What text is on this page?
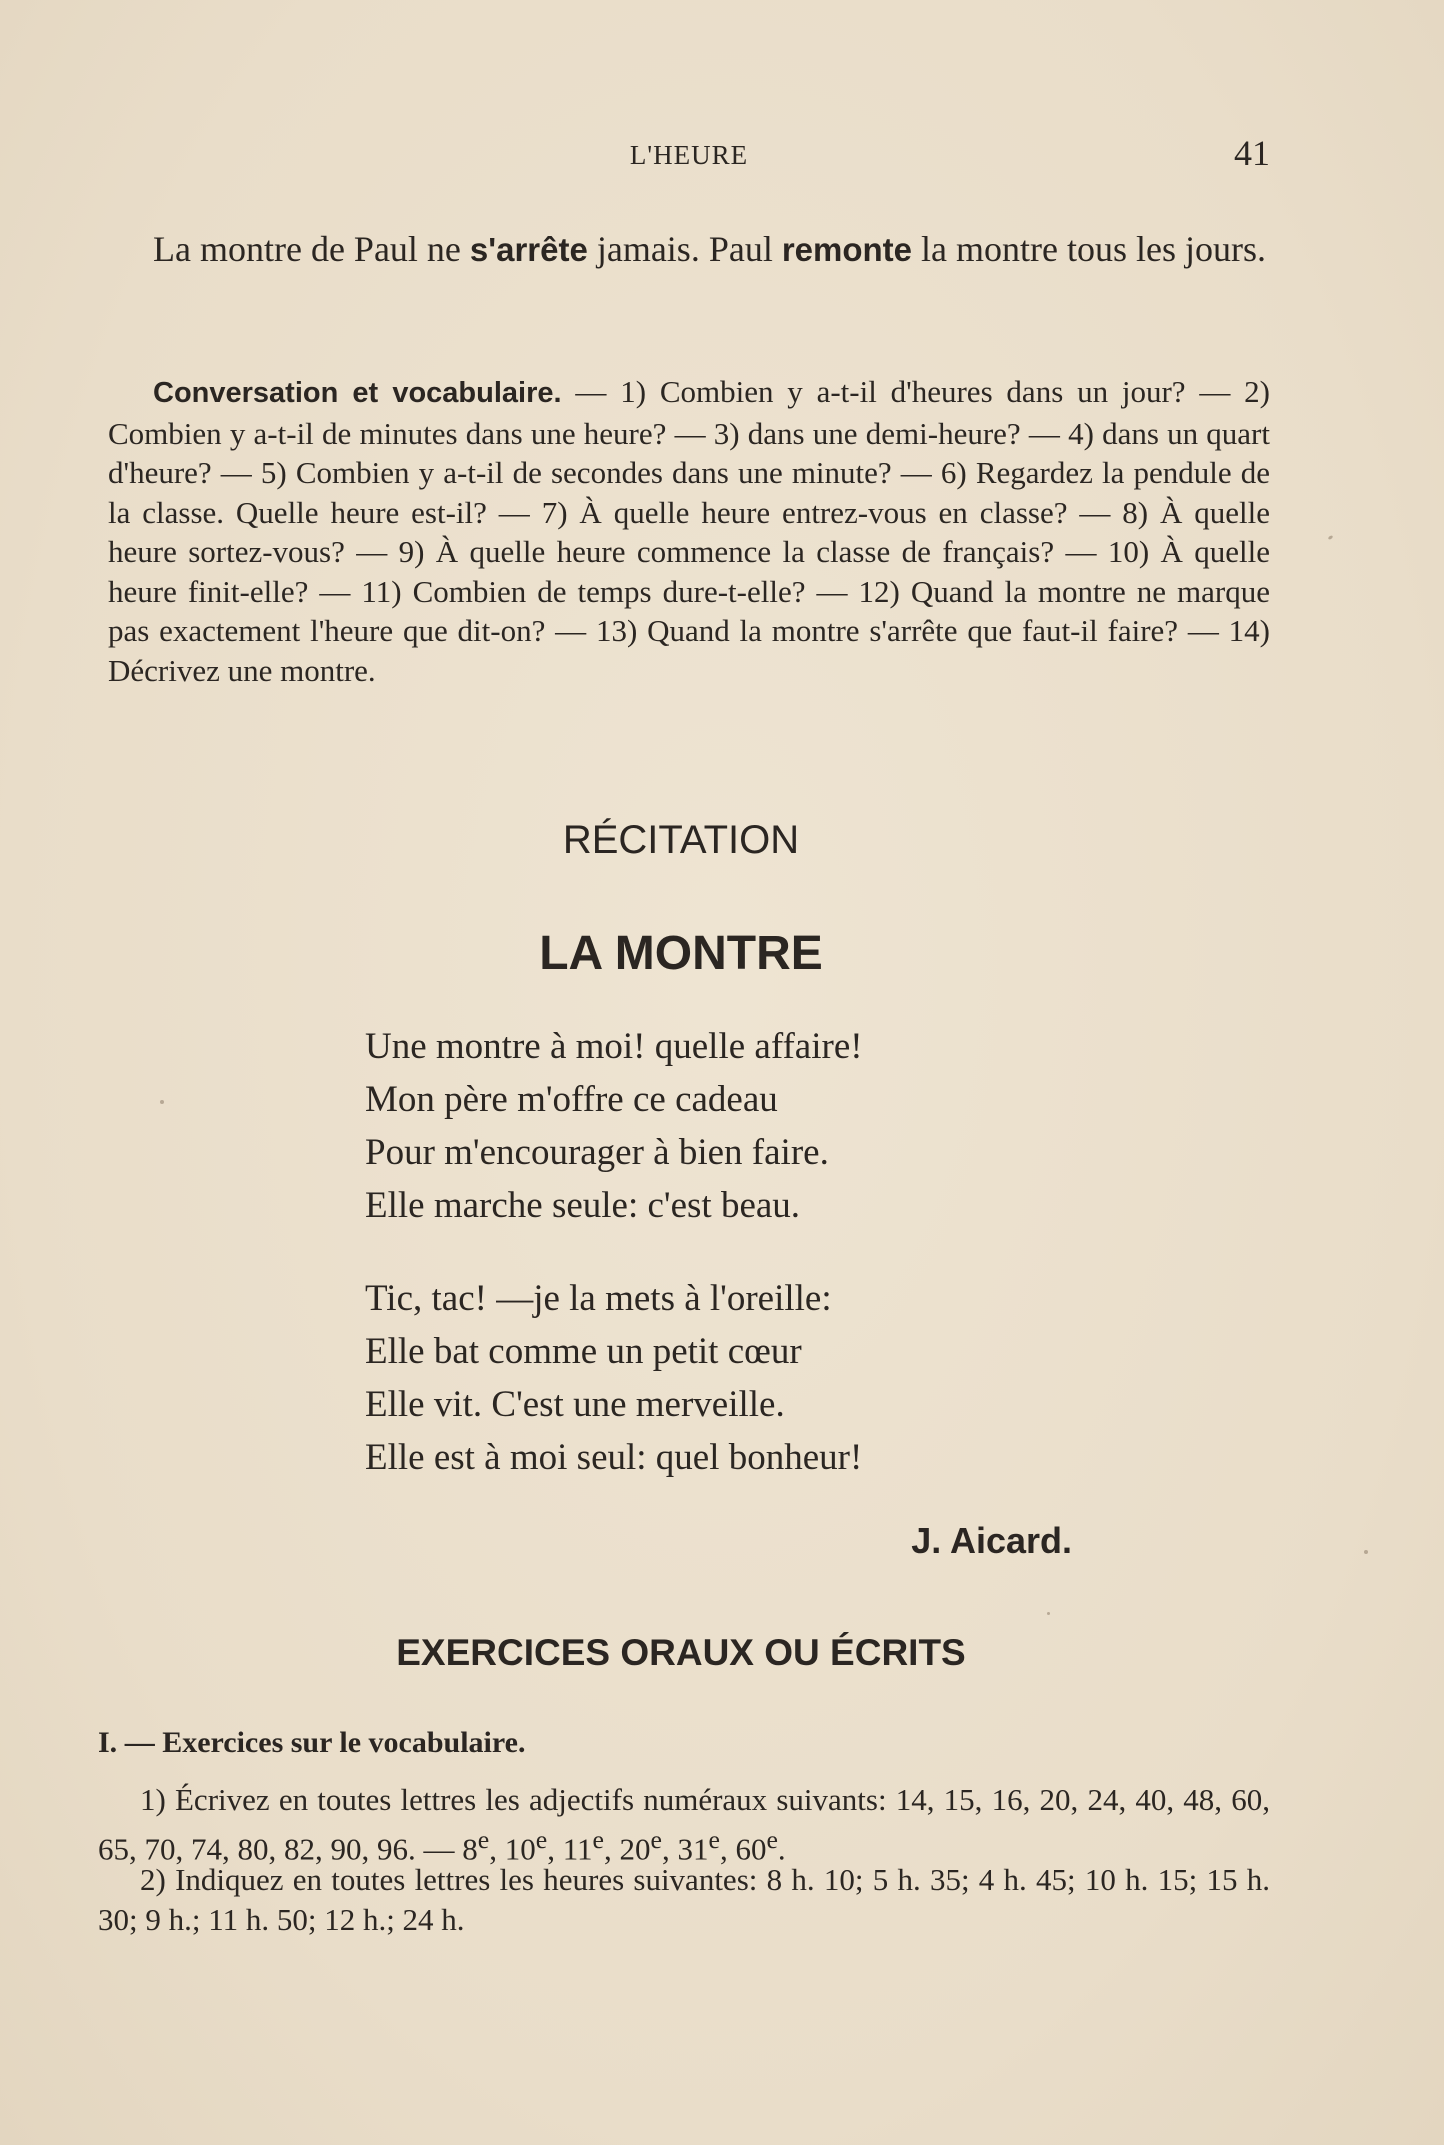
L'HEURE	41

La montre de Paul ne s'arrête jamais. Paul remonte la montre tous les jours.

Conversation et vocabulaire. — 1) Combien y a-t-il d'heures dans un jour? — 2) Combien y a-t-il de minutes dans une heure? — 3) dans une demi-heure? — 4) dans un quart d'heure? — 5) Combien y a-t-il de secondes dans une minute? — 6) Regardez la pendule de la classe. Quelle heure est-il? — 7) À quelle heure entrez-vous en classe? — 8) À quelle heure sortez-vous? — 9) À quelle heure commence la classe de français? — 10) À quelle heure finit-elle? — 11) Combien de temps dure-t-elle? — 12) Quand la montre ne marque pas exactement l'heure que dit-on? — 13) Quand la montre s'arrête que faut-il faire? — 14) Décrivez une montre.

RÉCITATION
LA MONTRE
Une montre à moi! quelle affaire!
Mon père m'offre ce cadeau
Pour m'encourager à bien faire.
Elle marche seule: c'est beau.
Tic, tac! —je la mets à l'oreille:
Elle bat comme un petit cœur
Elle vit. C'est une merveille.
Elle est à moi seul: quel bonheur!
J. Aicard.
EXERCICES ORAUX OU ÉCRITS
I. — Exercices sur le vocabulaire.

1) Écrivez en toutes lettres les adjectifs numéraux suivants: 14, 15, 16, 20, 24, 40, 48, 60, 65, 70, 74, 80, 82, 90, 96. — 8e, 10e, 11e, 20e, 31e, 60e.

2) Indiquez en toutes lettres les heures suivantes: 8 h. 10; 5 h. 35; 4 h. 45; 10 h. 15; 15 h. 30; 9 h.; 11 h. 50; 12 h.; 24 h.
